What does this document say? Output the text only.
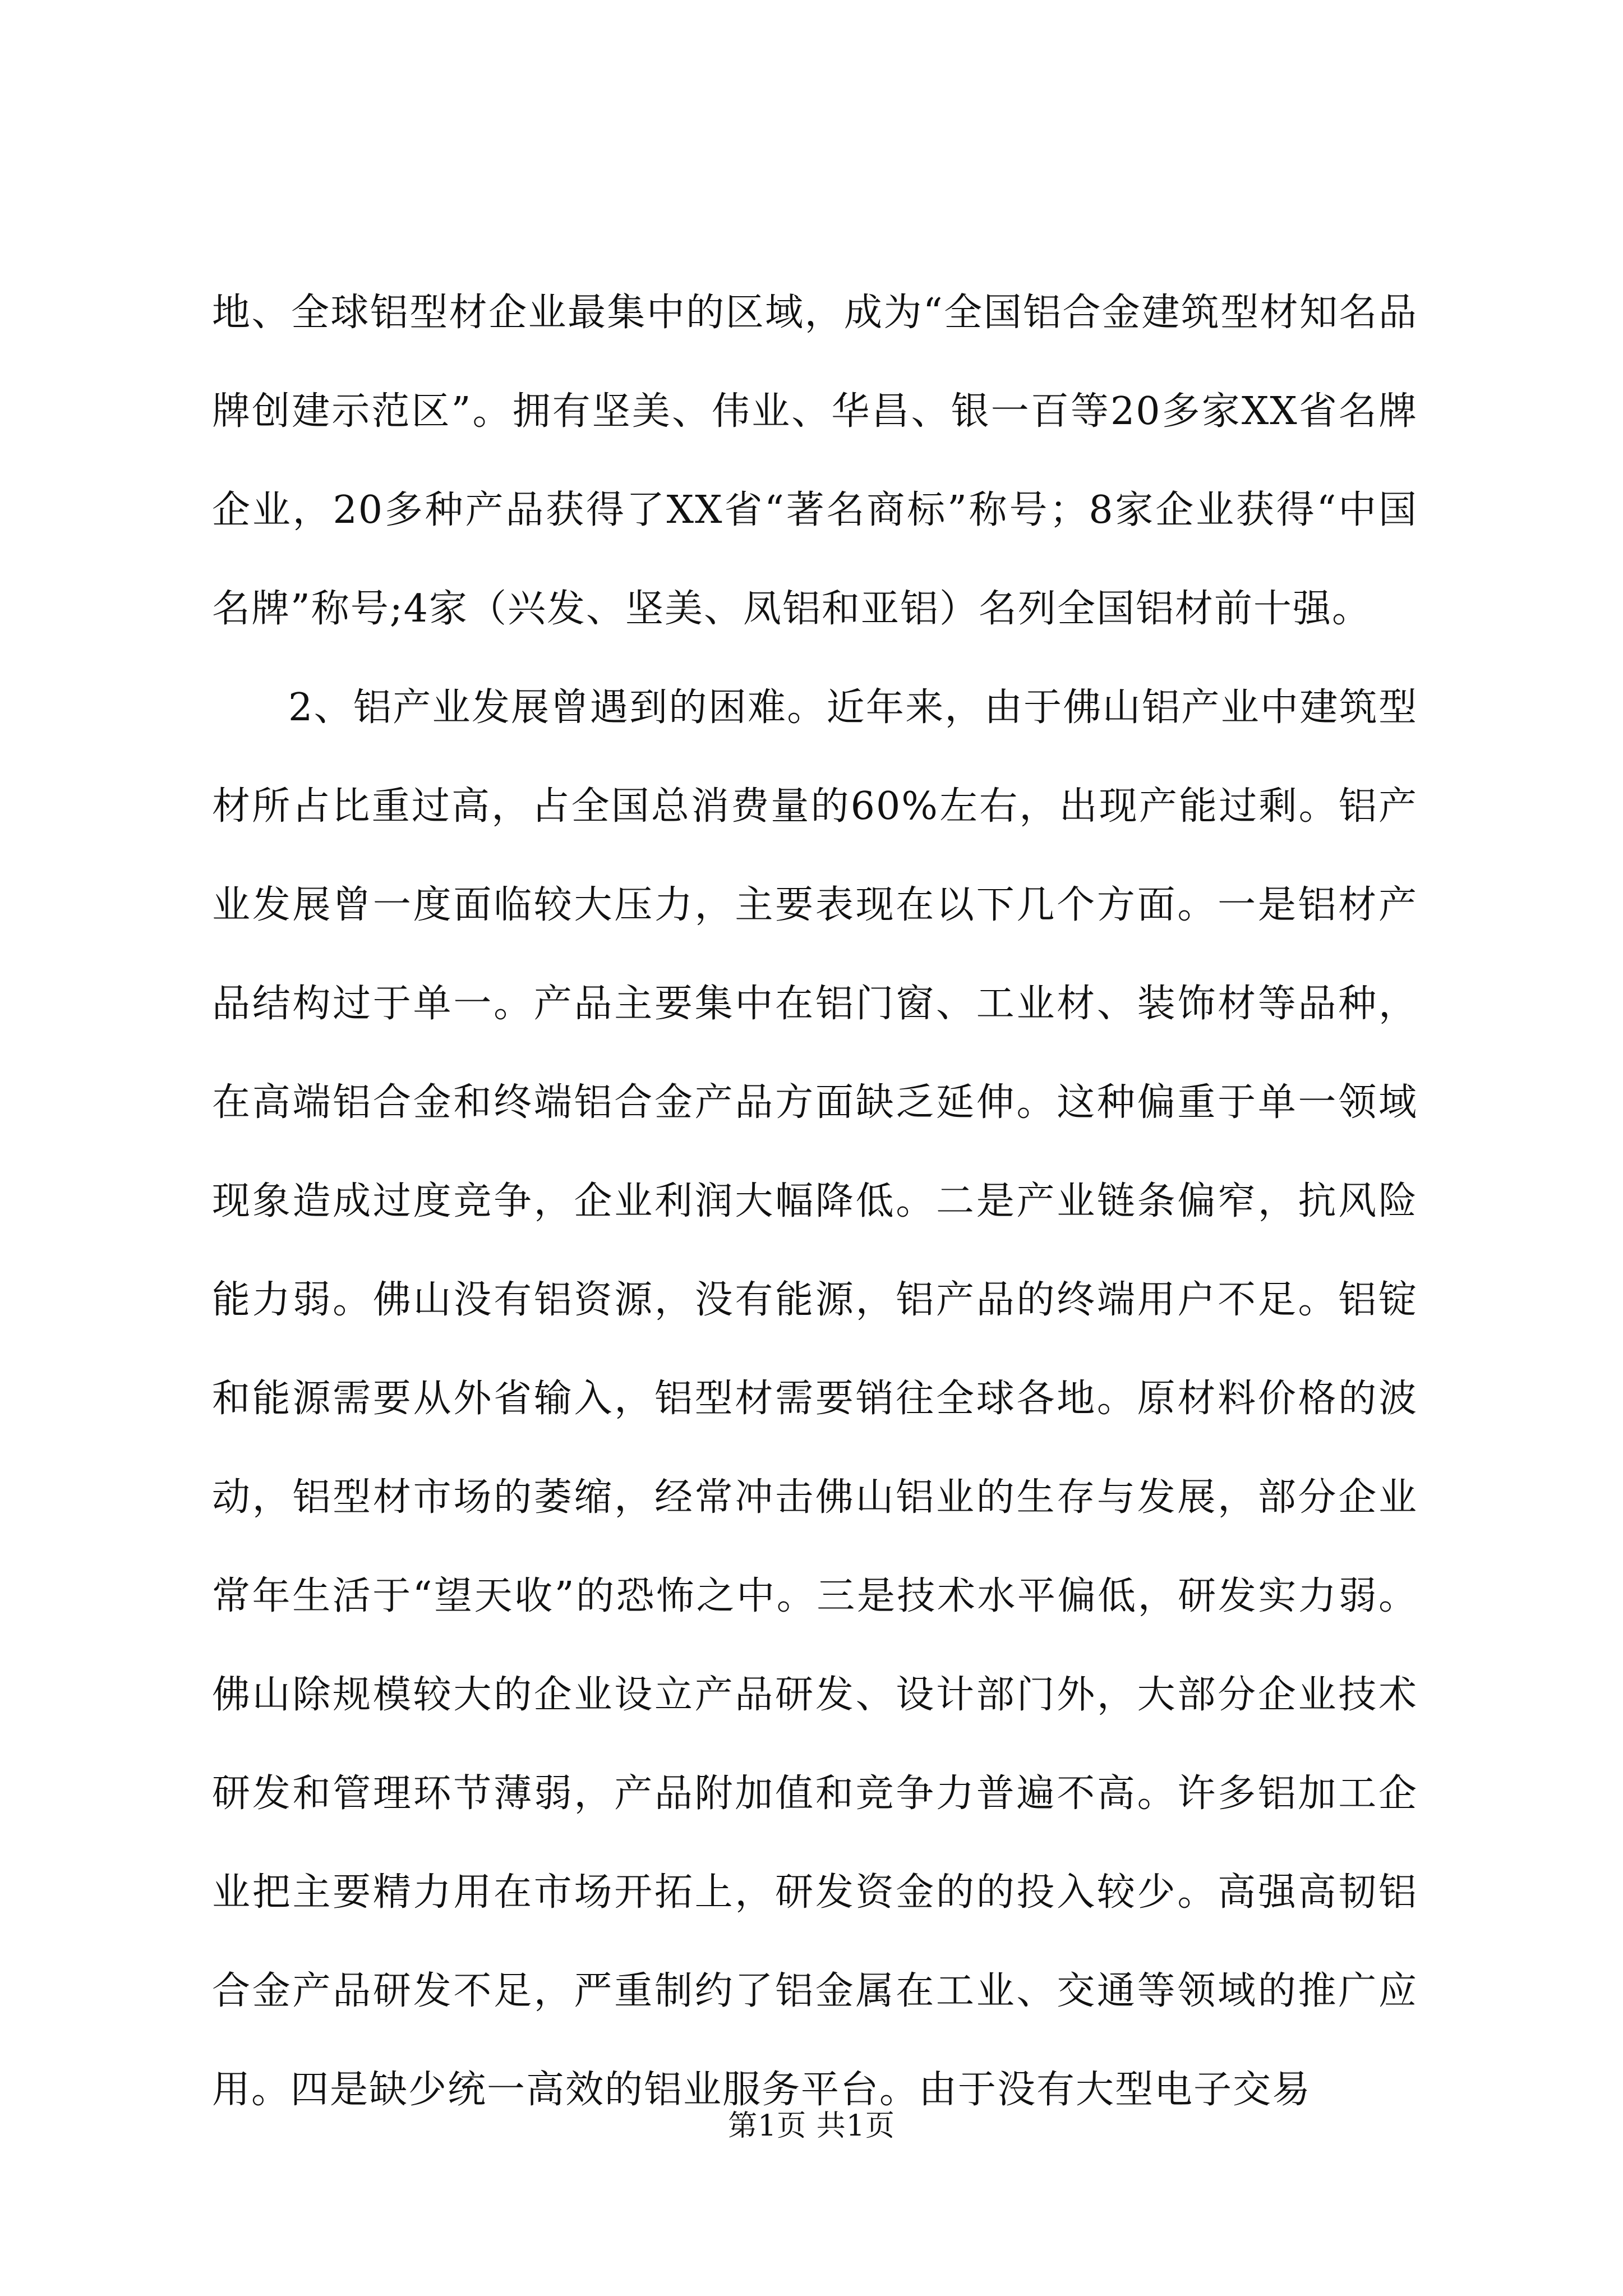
地、全球铝型材企业最集中的区域，成为“全国铝合金建筑型材知名品牌创建示范区”。拥有坚美、伟业、华昌、银一百等20多家XX省名牌企业，20多种产品获得了XX省“著名商标”称号；8家企业获得“中国名牌”称号;4家（兴发、坚美、凤铝和亚铝）名列全国铝材前十强。

2、铝产业发展曾遇到的困难。近年来，由于佛山铝产业中建筑型材所占比重过高，占全国总消费量的60%左右，出现产能过剩。铝产业发展曾一度面临较大压力，主要表现在以下几个方面。一是铝材产品结构过于单一。产品主要集中在铝门窗、工业材、装饰材等品种，在高端铝合金和终端铝合金产品方面缺乏延伸。这种偏重于单一领域现象造成过度竞争，企业利润大幅降低。二是产业链条偏窄，抗风险能力弱。佛山没有铝资源，没有能源，铝产品的终端用户不足。铝锭和能源需要从外省输入，铝型材需要销往全球各地。原材料价格的波动，铝型材市场的萎缩，经常冲击佛山铝业的生存与发展，部分企业常年生活于“望天收”的恐怖之中。三是技术水平偏低，研发实力弱。佛山除规模较大的企业设立产品研发、设计部门外，大部分企业技术研发和管理环节薄弱，产品附加值和竞争力普遍不高。许多铝加工企业把主要精力用在市场开拓上，研发资金的的投入较少。高强高韧铝合金产品研发不足，严重制约了铝金属在工业、交通等领域的推广应用。四是缺少统一高效的铝业服务平台。由于没有大型电子交易

第1页 共1页
